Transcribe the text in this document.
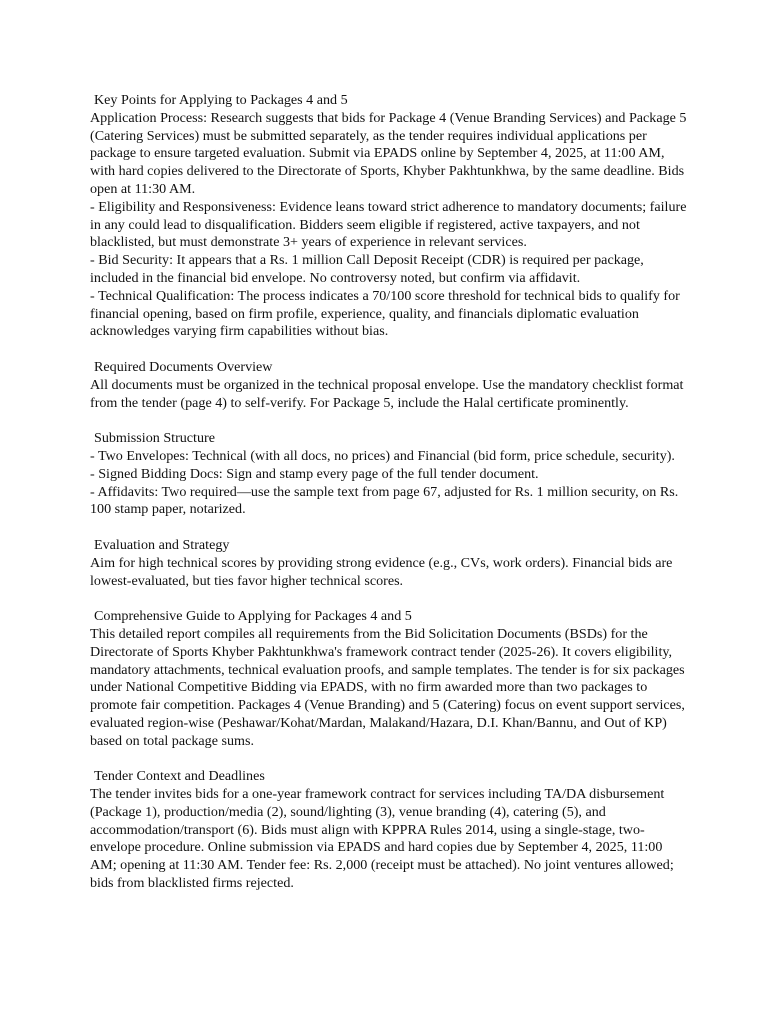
Key Points for Applying to Packages 4 and 5
Application Process: Research suggests that bids for Package 4 (Venue Branding Services) and Package 5 (Catering Services) must be submitted separately, as the tender requires individual applications per package to ensure targeted evaluation. Submit via EPADS online by September 4, 2025, at 11:00 AM, with hard copies delivered to the Directorate of Sports, Khyber Pakhtunkhwa, by the same deadline. Bids open at 11:30 AM.
- Eligibility and Responsiveness: Evidence leans toward strict adherence to mandatory documents; failure in any could lead to disqualification. Bidders seem eligible if registered, active taxpayers, and not blacklisted, but must demonstrate 3+ years of experience in relevant services.
- Bid Security: It appears that a Rs. 1 million Call Deposit Receipt (CDR) is required per package, included in the financial bid envelope. No controversy noted, but confirm via affidavit.
- Technical Qualification: The process indicates a 70/100 score threshold for technical bids to qualify for financial opening, based on firm profile, experience, quality, and financials diplomatic evaluation acknowledges varying firm capabilities without bias.
Required Documents Overview
All documents must be organized in the technical proposal envelope. Use the mandatory checklist format from the tender (page 4) to self-verify. For Package 5, include the Halal certificate prominently.
Submission Structure
- Two Envelopes: Technical (with all docs, no prices) and Financial (bid form, price schedule, security).
- Signed Bidding Docs: Sign and stamp every page of the full tender document.
- Affidavits: Two required—use the sample text from page 67, adjusted for Rs. 1 million security, on Rs. 100 stamp paper, notarized.
Evaluation and Strategy
Aim for high technical scores by providing strong evidence (e.g., CVs, work orders). Financial bids are lowest-evaluated, but ties favor higher technical scores.
Comprehensive Guide to Applying for Packages 4 and 5
This detailed report compiles all requirements from the Bid Solicitation Documents (BSDs) for the Directorate of Sports Khyber Pakhtunkhwa's framework contract tender (2025-26). It covers eligibility, mandatory attachments, technical evaluation proofs, and sample templates. The tender is for six packages under National Competitive Bidding via EPADS, with no firm awarded more than two packages to promote fair competition. Packages 4 (Venue Branding) and 5 (Catering) focus on event support services, evaluated region-wise (Peshawar/Kohat/Mardan, Malakand/Hazara, D.I. Khan/Bannu, and Out of KP) based on total package sums.
Tender Context and Deadlines
The tender invites bids for a one-year framework contract for services including TA/DA disbursement (Package 1), production/media (2), sound/lighting (3), venue branding (4), catering (5), and accommodation/transport (6). Bids must align with KPPRA Rules 2014, using a single-stage, two-envelope procedure. Online submission via EPADS and hard copies due by September 4, 2025, 11:00 AM; opening at 11:30 AM. Tender fee: Rs. 2,000 (receipt must be attached). No joint ventures allowed; bids from blacklisted firms rejected.
